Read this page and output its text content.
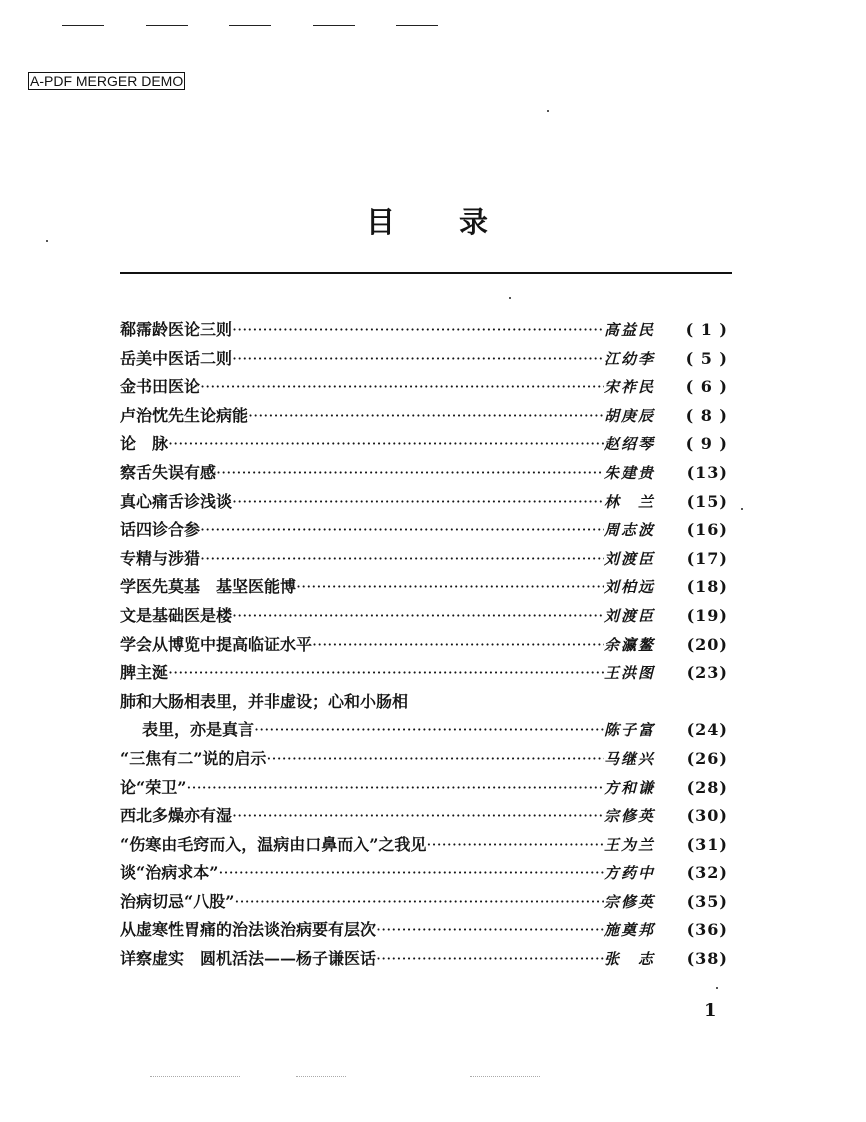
A-PDF MERGER DEMO
目 录
郗霈龄医论三则 ·····	高益民	( 1 )
岳美中医话二则 ·····	江幼李	( 5 )
金书田医论 ·····	宋祚民	( 6 )
卢治忱先生论病能 ·····	胡庚辰	( 8 )
论　脉 ·····	赵绍琴	( 9 )
察舌失误有感 ·····	朱建贵	(13)
真心痛舌诊浅谈 ·····	林　兰	(15)
话四诊合参 ·····	周志波	(16)
专精与涉猎 ·····	刘渡臣	(17)
学医先莫基　基坚医能博 ·····	刘柏远	(18)
文是基础医是楼 ·····	刘渡臣	(19)
学会从博览中提高临证水平 ·····	余瀛鳌	(20)
脾主涎 ·····	王洪图	(23)
肺和大肠相表里，并非虚设；心和小肠相
表里，亦是真言 ·····	陈子富	(24)
“三焦有二”说的启示 ·····	马继兴	(26)
论“荣卫” ·····	方和谦	(28)
西北多燥亦有湿 ·····	宗修英	(30)
“伤寒由毛窍而入，温病由口鼻而入”之我见 ·····	王为兰	(31)
谈“治病求本” ·····	方药中	(32)
治病切忌“八股” ·····	宗修英	(35)
从虚寒性胃痛的治法谈治病要有层次 ·····	施奠邦	(36)
详察虚实　圆机活法——杨子谦医话 ·····	张　志	(38)
1
